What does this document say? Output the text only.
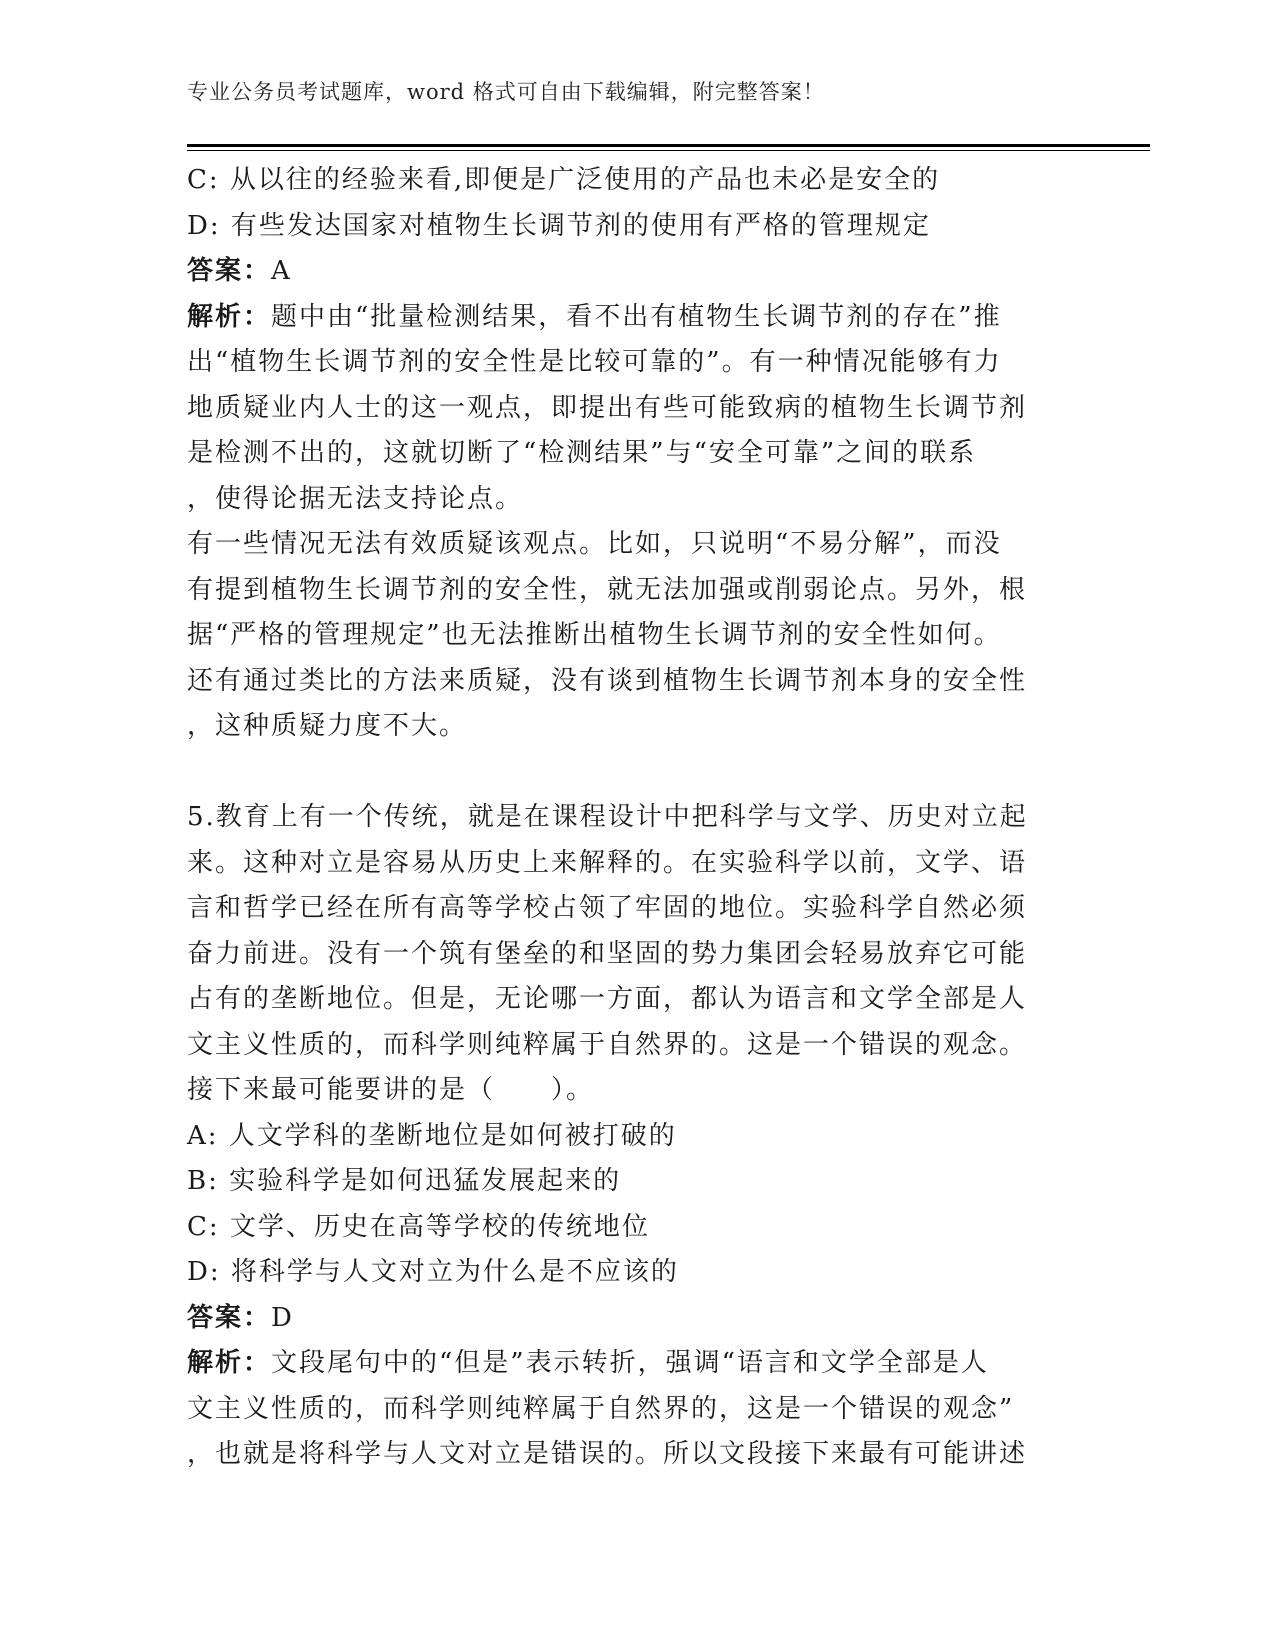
专业公务员考试题库，word 格式可自由下载编辑，附完整答案！
C: 从以往的经验来看,即便是广泛使用的产品也未必是安全的
D: 有些发达国家对植物生长调节剂的使用有严格的管理规定
答案：A
解析：题中由“批量检测结果，看不出有植物生长调节剂的存在”推
出“植物生长调节剂的安全性是比较可靠的”。有一种情况能够有力
地质疑业内人士的这一观点，即提出有些可能致病的植物生长调节剂
是检测不出的，这就切断了“检测结果”与“安全可靠”之间的联系
，使得论据无法支持论点。
有一些情况无法有效质疑该观点。比如，只说明“不易分解”，而没
有提到植物生长调节剂的安全性，就无法加强或削弱论点。另外，根
据“严格的管理规定”也无法推断出植物生长调节剂的安全性如何。
还有通过类比的方法来质疑，没有谈到植物生长调节剂本身的安全性
，这种质疑力度不大。
5.教育上有一个传统，就是在课程设计中把科学与文学、历史对立起
来。这种对立是容易从历史上来解释的。在实验科学以前，文学、语
言和哲学已经在所有高等学校占领了牢固的地位。实验科学自然必须
奋力前进。没有一个筑有堡垒的和坚固的势力集团会轻易放弃它可能
占有的垄断地位。但是，无论哪一方面，都认为语言和文学全部是人
文主义性质的，而科学则纯粹属于自然界的。这是一个错误的观念。
接下来最可能要讲的是（　　）。
A: 人文学科的垄断地位是如何被打破的
B: 实验科学是如何迅猛发展起来的
C: 文学、历史在高等学校的传统地位
D: 将科学与人文对立为什么是不应该的
答案：D
解析：文段尾句中的“但是”表示转折，强调“语言和文学全部是人
文主义性质的，而科学则纯粹属于自然界的，这是一个错误的观念”
，也就是将科学与人文对立是错误的。所以文段接下来最有可能讲述
